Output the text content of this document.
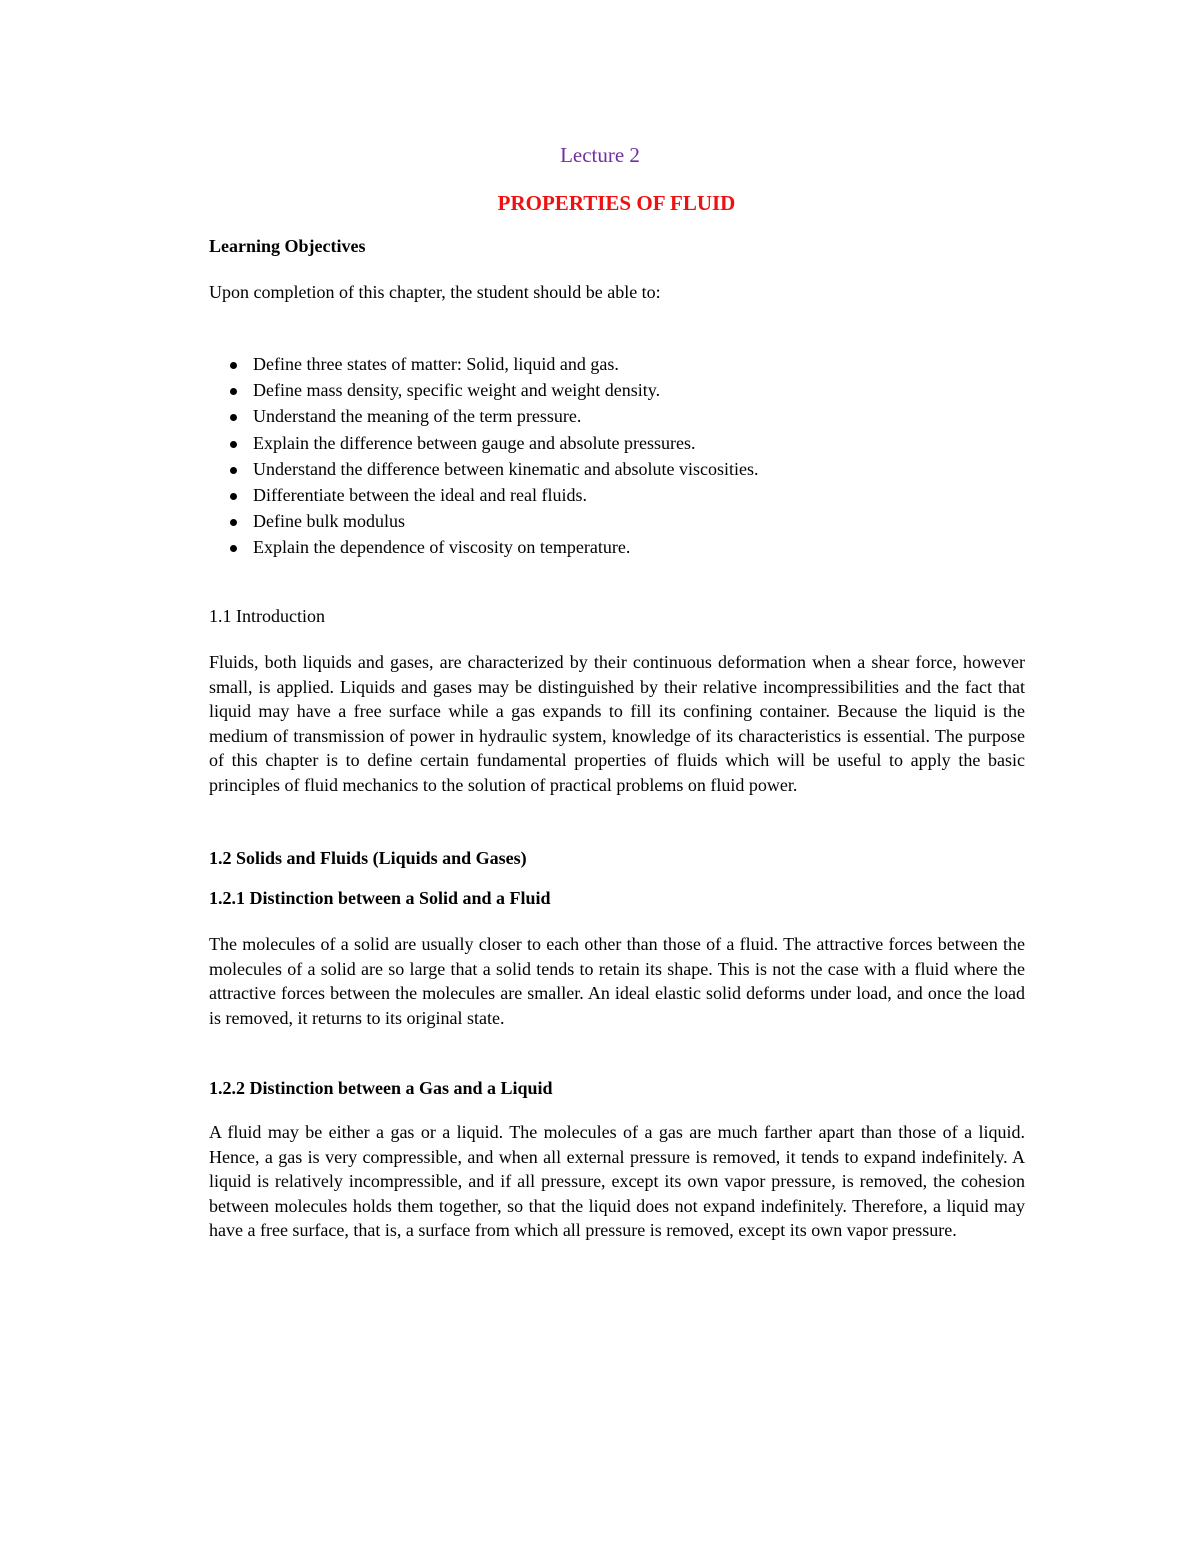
Lecture 2
PROPERTIES OF FLUID
Learning Objectives
Upon completion of this chapter, the student should be able to:
Define three states of matter: Solid, liquid and gas.
Define mass density, specific weight and weight density.
Understand the meaning of the term pressure.
Explain the difference between gauge and absolute pressures.
Understand the difference between kinematic and absolute viscosities.
Differentiate between the ideal and real fluids.
Define bulk modulus
Explain the dependence of viscosity on temperature.
1.1 Introduction

Fluids, both liquids and gases, are characterized by their continuous deformation when a shear force, however small, is applied. Liquids and gases may be distinguished by their relative incompressibilities and the fact that liquid may have a free surface while a gas expands to fill its confining container. Because the liquid is the medium of transmission of power in hydraulic system, knowledge of its characteristics is essential. The purpose of this chapter is to define certain fundamental properties of fluids which will be useful to apply the basic principles of fluid mechanics to the solution of practical problems on fluid power.

1.2 Solids and Fluids (Liquids and Gases)
1.2.1 Distinction between a Solid and a Fluid

The molecules of a solid are usually closer to each other than those of a fluid. The attractive forces between the molecules of a solid are so large that a solid tends to retain its shape. This is not the case with a fluid where the attractive forces between the molecules are smaller. An ideal elastic solid deforms under load, and once the load is removed, it returns to its original state.

1.2.2 Distinction between a Gas and a Liquid

A fluid may be either a gas or a liquid. The molecules of a gas are much farther apart than those of a liquid. Hence, a gas is very compressible, and when all external pressure is removed, it tends to expand indefinitely. A liquid is relatively incompressible, and if all pressure, except its own vapor pressure, is removed, the cohesion between molecules holds them together, so that the liquid does not expand indefinitely. Therefore, a liquid may have a free surface, that is, a surface from which all pressure is removed, except its own vapor pressure.
